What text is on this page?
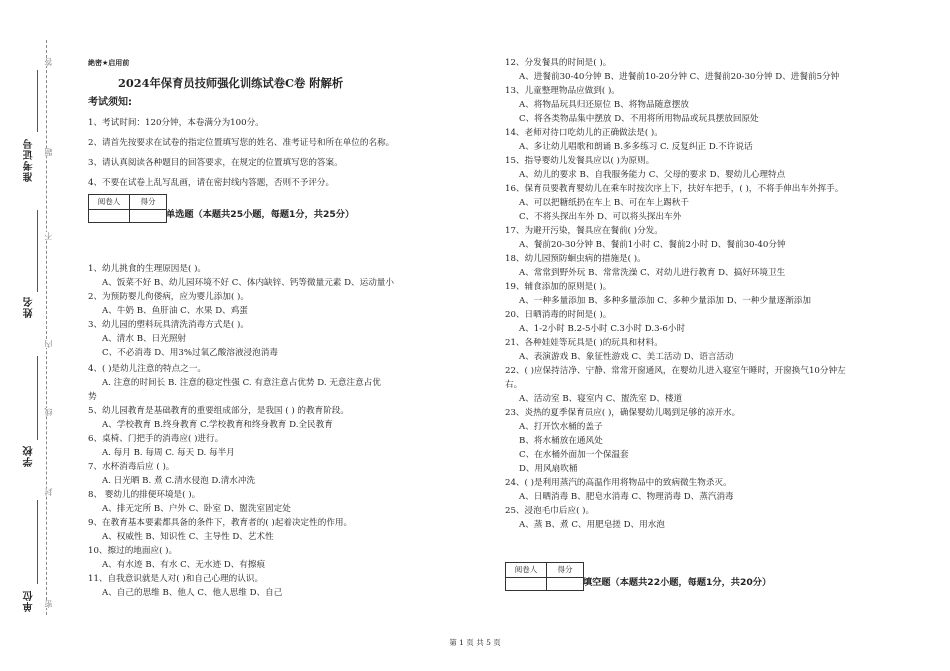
准考证号
姓名
学校
单位 密
封
线
内
不
答
题
絶密★启用前
2024年保育员技师强化训练试卷C卷 附解析
考试须知:
1、考试时间：120分钟，本卷满分为100分。
2、请首先按要求在试卷的指定位置填写您的姓名、准考证号和所在单位的名称。
3、请认真阅读各种题目的回答要求，在规定的位置填写您的答案。
4、不要在试卷上乱写乱画，请在密封线内答题，否则不予评分。
阅卷人	得分

单选题（本题共25小题，每题1分，共25分）
1、幼儿挑食的生理原因是( )。
A、饭菜不好 B、幼儿园环境不好 C、体内缺锌、钙等微量元素 D、运动量小
2、为预防婴儿佝偻病，应为婴儿添加( )。
A、牛奶 B、鱼肝油 C、水果 D、鸡蛋
3、幼儿园的塑料玩具清洗消毒方式是( )。
A、清水 B、日光照射
C、不必消毒 D、用3%过氧乙酸溶液浸泡消毒
4、( )是幼儿注意的特点之一。
A. 注意的时间长 B. 注意的稳定性强 C. 有意注意占优势 D. 无意注意占优
势
5、幼儿园教育是基础教育的重要组成部分，是我国 ( ) 的教育阶段。
A、学校教育 B.终身教育 C.学校教育和终身教育 D.全民教育
6、桌椅、门把手的消毒应( )进行。
A. 每月 B. 每周 C. 每天 D. 每半月
7、水杯消毒后应 ( )。
A. 日光晒 B. 煮 C.清水侵泡 D.清水冲洗
8、 婴幼儿的排便环境是( )。
A、排无定所 B、户外 C、卧室 D、盥洗室固定处
9、在教育基本要素都具备的条件下，教育者的( )起着决定性的作用。
A、权威性 B、知识性 C、主导性 D、艺术性
10、擦过的地面应( )。
A、有水迹 B、有水 C、无水迹 D、有擦痕
11、自我意识就是人对( )和自己心理的认识。
A、自己的思维 B、他人 C、他人思维 D、自己
12、分发餐具的时间是( )。
A、进餐前30-40分钟 B、进餐前10-20分钟 C、进餐前20-30分钟 D、进餐前5分钟
13、儿童整理物品应做到( )。
A、将物品玩具归还原位 B、将物品随意摆放
C、将各类物品集中摆放 D、不用将所用物品或玩具摆放回原处
14、老师对待口吃幼儿的正确做法是( )。
A、多让幼儿唱歌和朗诵 B.多多练习 C. 反复纠正 D.不许说话
15、指导婴幼儿发餐具应以( )为原则。
A、幼儿的要求 B、自我服务能力 C、父母的要求 D、婴幼儿心理特点
16、保育员要教育婴幼儿在乘车时按次序上下，扶好车把手，( )，不将手伸出车外挥手。
A、可以把糖纸扔在车上 B、可在车上踢秋千
C、不将头探出车外 D、可以将头探出车外
17、为避开污染，餐具应在餐前( )分发。
A、餐前20-30分钟 B、餐前1小时 C、餐前2小时 D、餐前30-40分钟
18、幼儿园预防蛔虫病的措施是( )。
A、常常到野外玩 B、常常洗澡 C、对幼儿进行教育 D、搞好环境卫生
19、辅食添加的原则是( )。
A、一种多量添加 B、多种多量添加 C、多种少量添加 D、一种少量逐渐添加
20、日晒消毒的时间是( )。
A、1-2小时 B.2-5小时 C.3小时 D.3-6小时
21、各种娃娃等玩具是( )的玩具和材料。
A、表演游戏 B、象征性游戏 C、美工活动 D、语言活动
22、( )应保持洁净、宁静、常常开窗通风，在婴幼儿进入寝室午睡时，开窗换气10分钟左
右。
A、活动室 B、寝室内 C、盥洗室 D、楼道
23、炎热的夏季保育员应( )，确保婴幼儿喝到足够的凉开水。
A、打开饮水桶的盖子
B、将水桶放在通风处
C、在水桶外面加一个保温套
D、用风扇吹桶
24、( )是利用蒸汽的高温作用将物品中的致病微生物杀灭。
A、日晒消毒 B、肥皂水消毒 C、物理消毒 D、蒸汽消毒
25、浸泡毛巾后应( )。
A、蒸 B、煮 C、用肥皂搓 D、用水泡
阅卷人	得分

填空题（本题共22小题，每题1分，共20分）
第 1 页 共 5 页
